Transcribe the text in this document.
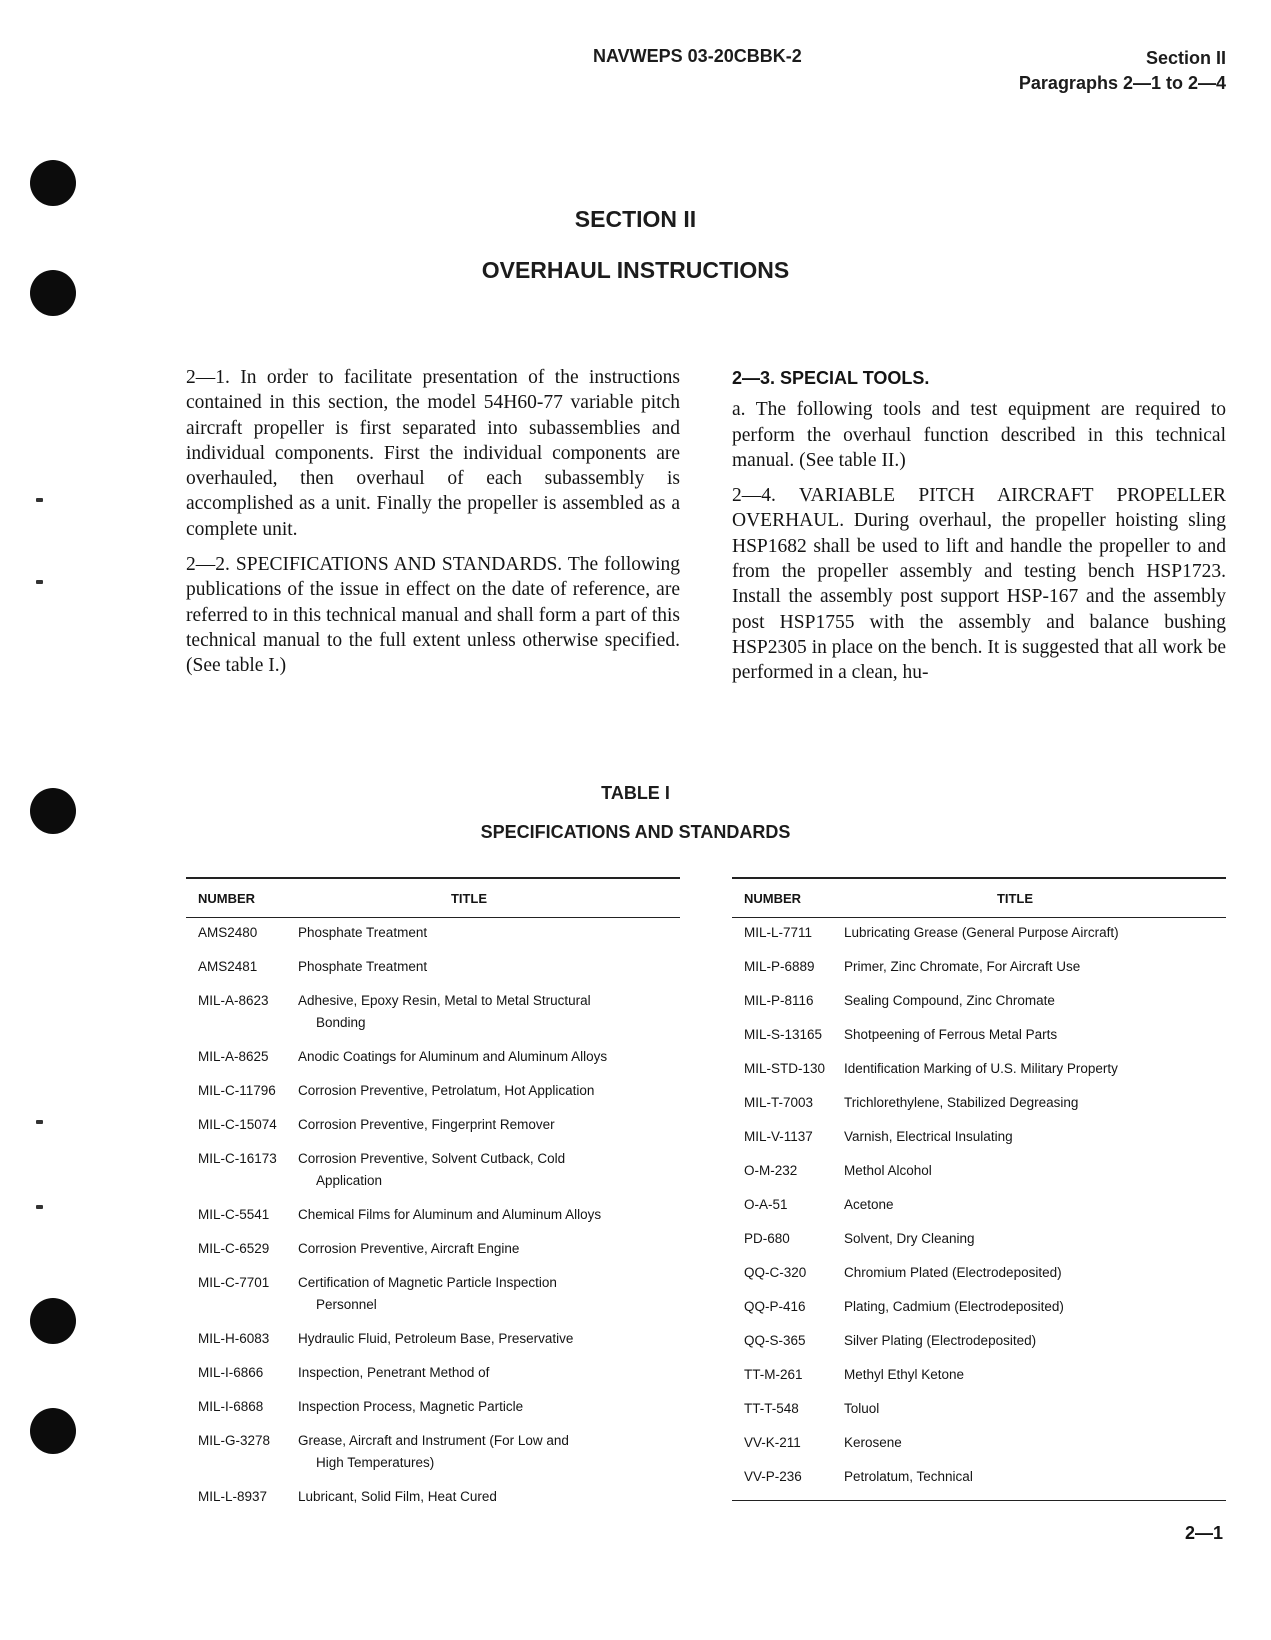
NAVWEPS 03-20CBBK-2	Section II
Paragraphs 2—1 to 2—4
SECTION II
OVERHAUL INSTRUCTIONS

2—1. In order to facilitate presentation of the instructions contained in this section, the model 54H60-77 variable pitch aircraft propeller is first separated into subassemblies and individual components. First the individual components are overhauled, then overhaul of each subassembly is accomplished as a unit. Finally the propeller is assembled as a complete unit.

2—2. SPECIFICATIONS AND STANDARDS. The following publications of the issue in effect on the date of reference, are referred to in this technical manual and shall form a part of this technical manual to the full extent unless otherwise specified. (See table I.)

2—3. SPECIAL TOOLS.

a. The following tools and test equipment are required to perform the overhaul function described in this technical manual. (See table II.)

2—4. VARIABLE PITCH AIRCRAFT PROPELLER OVERHAUL. During overhaul, the propeller hoisting sling HSP1682 shall be used to lift and handle the propeller to and from the propeller assembly and testing bench HSP1723. Install the assembly post support HSP-167 and the assembly post HSP1755 with the assembly and balance bushing HSP2305 in place on the bench. It is suggested that all work be performed in a clean, hu-

TABLE I
SPECIFICATIONS AND STANDARDS
NUMBER	TITLE
AMS2480	Phosphate Treatment
AMS2481	Phosphate Treatment
MIL-A-8623	Adhesive, Epoxy Resin, Metal to Metal Structural
Bonding
MIL-A-8625	Anodic Coatings for Aluminum and Aluminum Alloys
MIL-C-11796	Corrosion Preventive, Petrolatum, Hot Application
MIL-C-15074	Corrosion Preventive, Fingerprint Remover
MIL-C-16173	Corrosion Preventive, Solvent Cutback, Cold
Application
MIL-C-5541	Chemical Films for Aluminum and Aluminum Alloys
MIL-C-6529	Corrosion Preventive, Aircraft Engine
MIL-C-7701	Certification of Magnetic Particle Inspection
Personnel
MIL-H-6083	Hydraulic Fluid, Petroleum Base, Preservative
MIL-I-6866	Inspection, Penetrant Method of
MIL-I-6868	Inspection Process, Magnetic Particle
MIL-G-3278	Grease, Aircraft and Instrument (For Low and
High Temperatures)
MIL-L-8937	Lubricant, Solid Film, Heat Cured
NUMBER	TITLE
MIL-L-7711	Lubricating Grease (General Purpose Aircraft)
MIL-P-6889	Primer, Zinc Chromate, For Aircraft Use
MIL-P-8116	Sealing Compound, Zinc Chromate
MIL-S-13165	Shotpeening of Ferrous Metal Parts
MIL-STD-130	Identification Marking of U.S. Military Property
MIL-T-7003	Trichlorethylene, Stabilized Degreasing
MIL-V-1137	Varnish, Electrical Insulating
O-M-232	Methol Alcohol
O-A-51	Acetone
PD-680	Solvent, Dry Cleaning
QQ-C-320	Chromium Plated (Electrodeposited)
QQ-P-416	Plating, Cadmium (Electrodeposited)
QQ-S-365	Silver Plating (Electrodeposited)
TT-M-261	Methyl Ethyl Ketone
TT-T-548	Toluol
VV-K-211	Kerosene
VV-P-236	Petrolatum, Technical
2—1
